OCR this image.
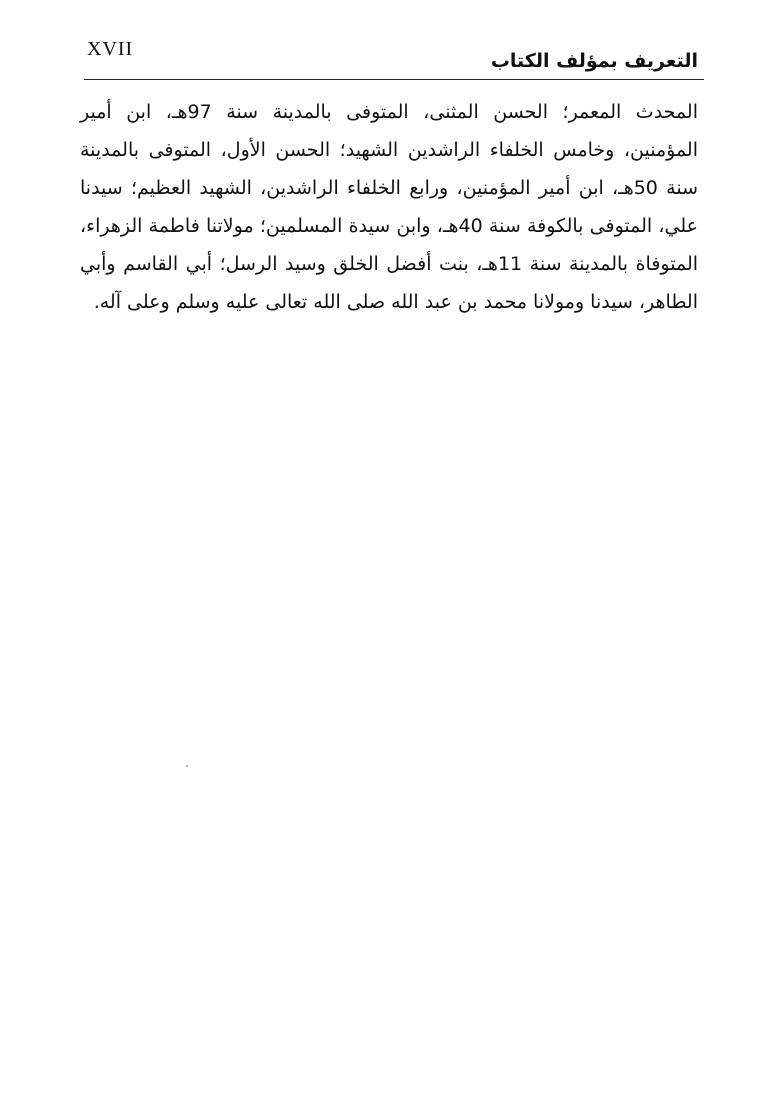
XVII
التعريف بمؤلف الكتاب

المحدث المعمر؛ الحسن المثنى، المتوفى بالمدينة سنة 97هـ، ابن أمير المؤمنين، وخامس الخلفاء الراشدين الشهيد؛ الحسن الأول، المتوفى بالمدينة سنة 50هـ، ابن أمير المؤمنين، ورابع الخلفاء الراشدين، الشهيد العظيم؛ سيدنا علي، المتوفى بالكوفة سنة 40هـ، وابن سيدة المسلمين؛ مولاتنا فاطمة الزهراء، المتوفاة بالمدينة سنة 11هـ، بنت أفضل الخلق وسيد الرسل؛ أبي القاسم وأبي الطاهر، سيدنا ومولانا محمد بن عبد الله صلى الله تعالى عليه وسلم وعلى آله.
